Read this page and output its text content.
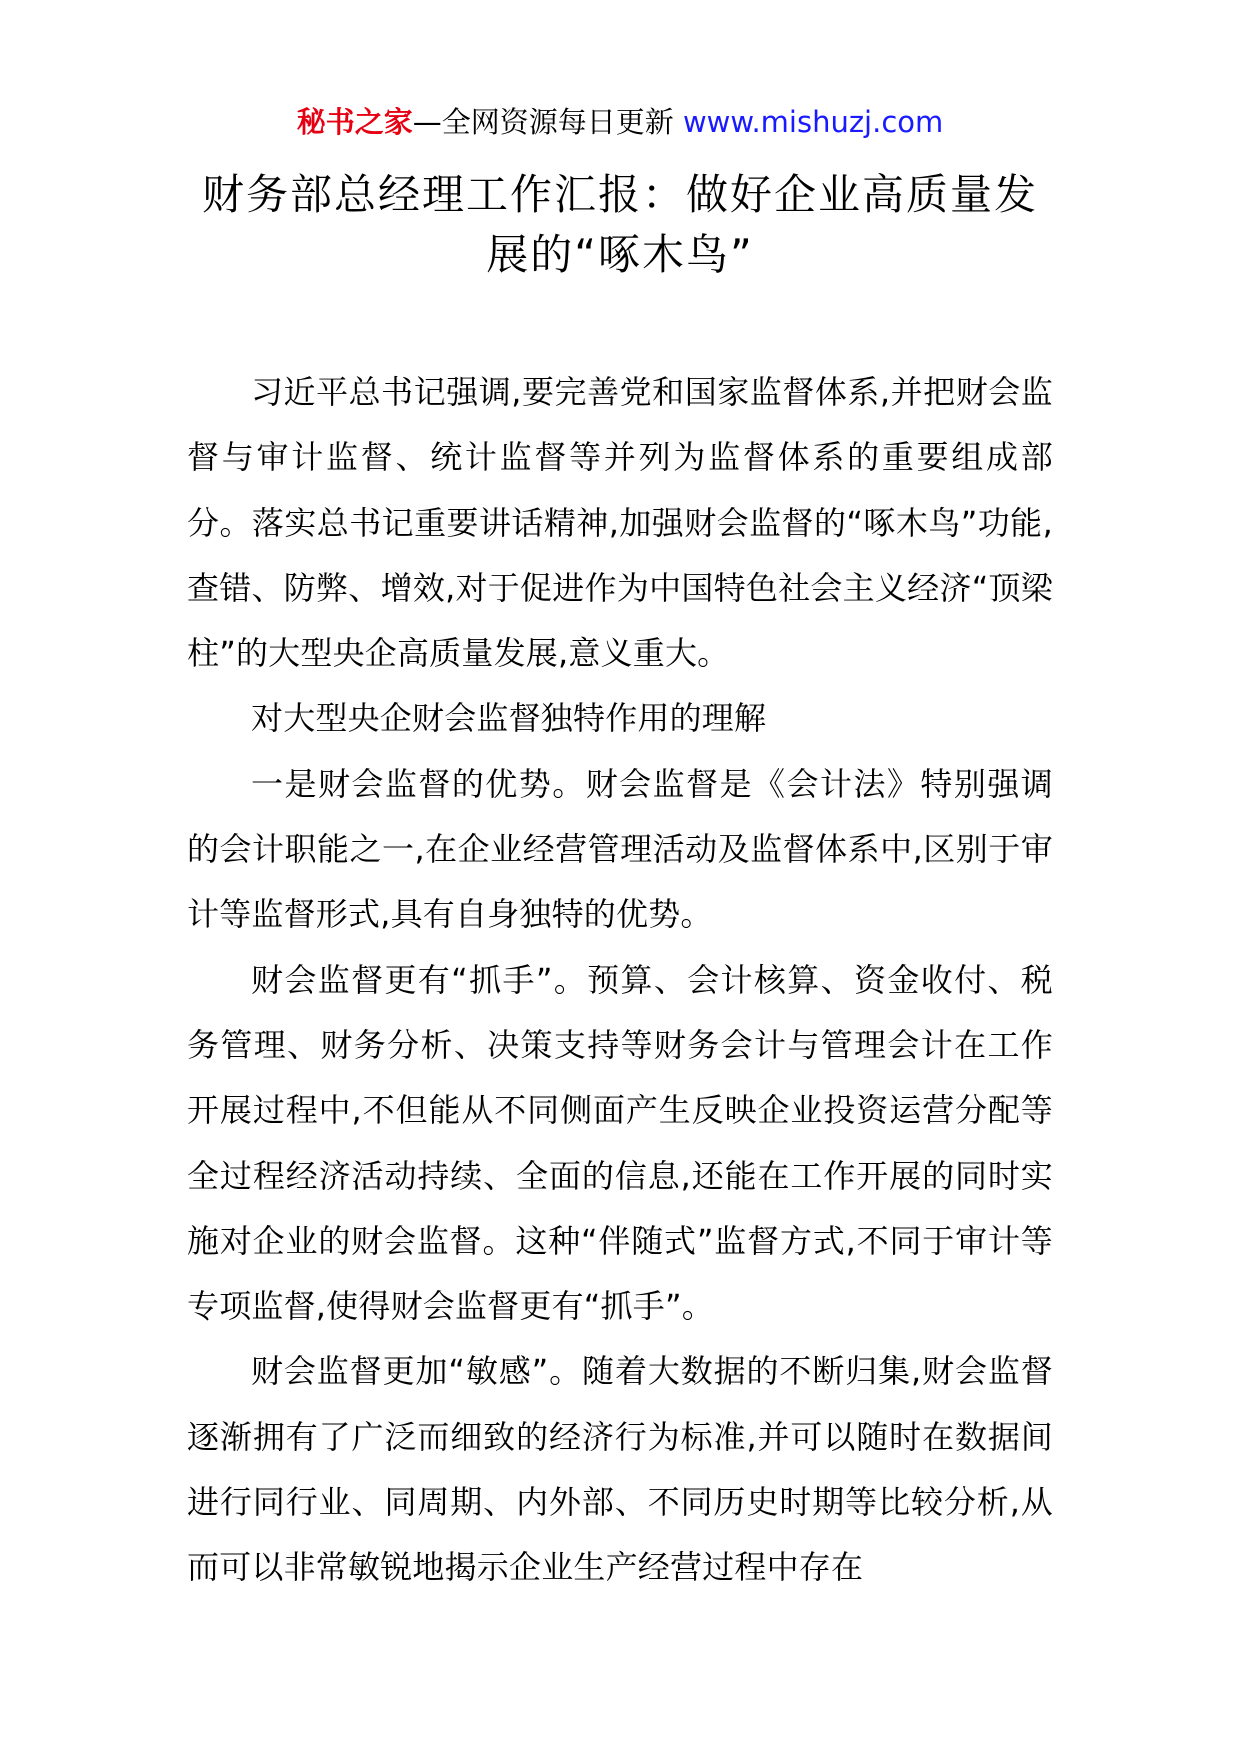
秘书之家—全网资源每日更新 www.mishuzj.com
财务部总经理工作汇报：做好企业高质量发展的“啄木鸟”

习近平总书记强调,要完善党和国家监督体系,并把财会监督与审计监督、统计监督等并列为监督体系的重要组成部分。落实总书记重要讲话精神,加强财会监督的“啄木鸟”功能,查错、防弊、增效,对于促进作为中国特色社会主义经济“顶梁柱”的大型央企高质量发展,意义重大。

对大型央企财会监督独特作用的理解

一是财会监督的优势。财会监督是《会计法》特别强调的会计职能之一,在企业经营管理活动及监督体系中,区别于审计等监督形式,具有自身独特的优势。

财会监督更有“抓手”。预算、会计核算、资金收付、税务管理、财务分析、决策支持等财务会计与管理会计在工作开展过程中,不但能从不同侧面产生反映企业投资运营分配等全过程经济活动持续、全面的信息,还能在工作开展的同时实施对企业的财会监督。这种“伴随式”监督方式,不同于审计等专项监督,使得财会监督更有“抓手”。

财会监督更加“敏感”。随着大数据的不断归集,财会监督逐渐拥有了广泛而细致的经济行为标准,并可以随时在数据间进行同行业、同周期、内外部、不同历史时期等比较分析,从而可以非常敏锐地揭示企业生产经营过程中存在
